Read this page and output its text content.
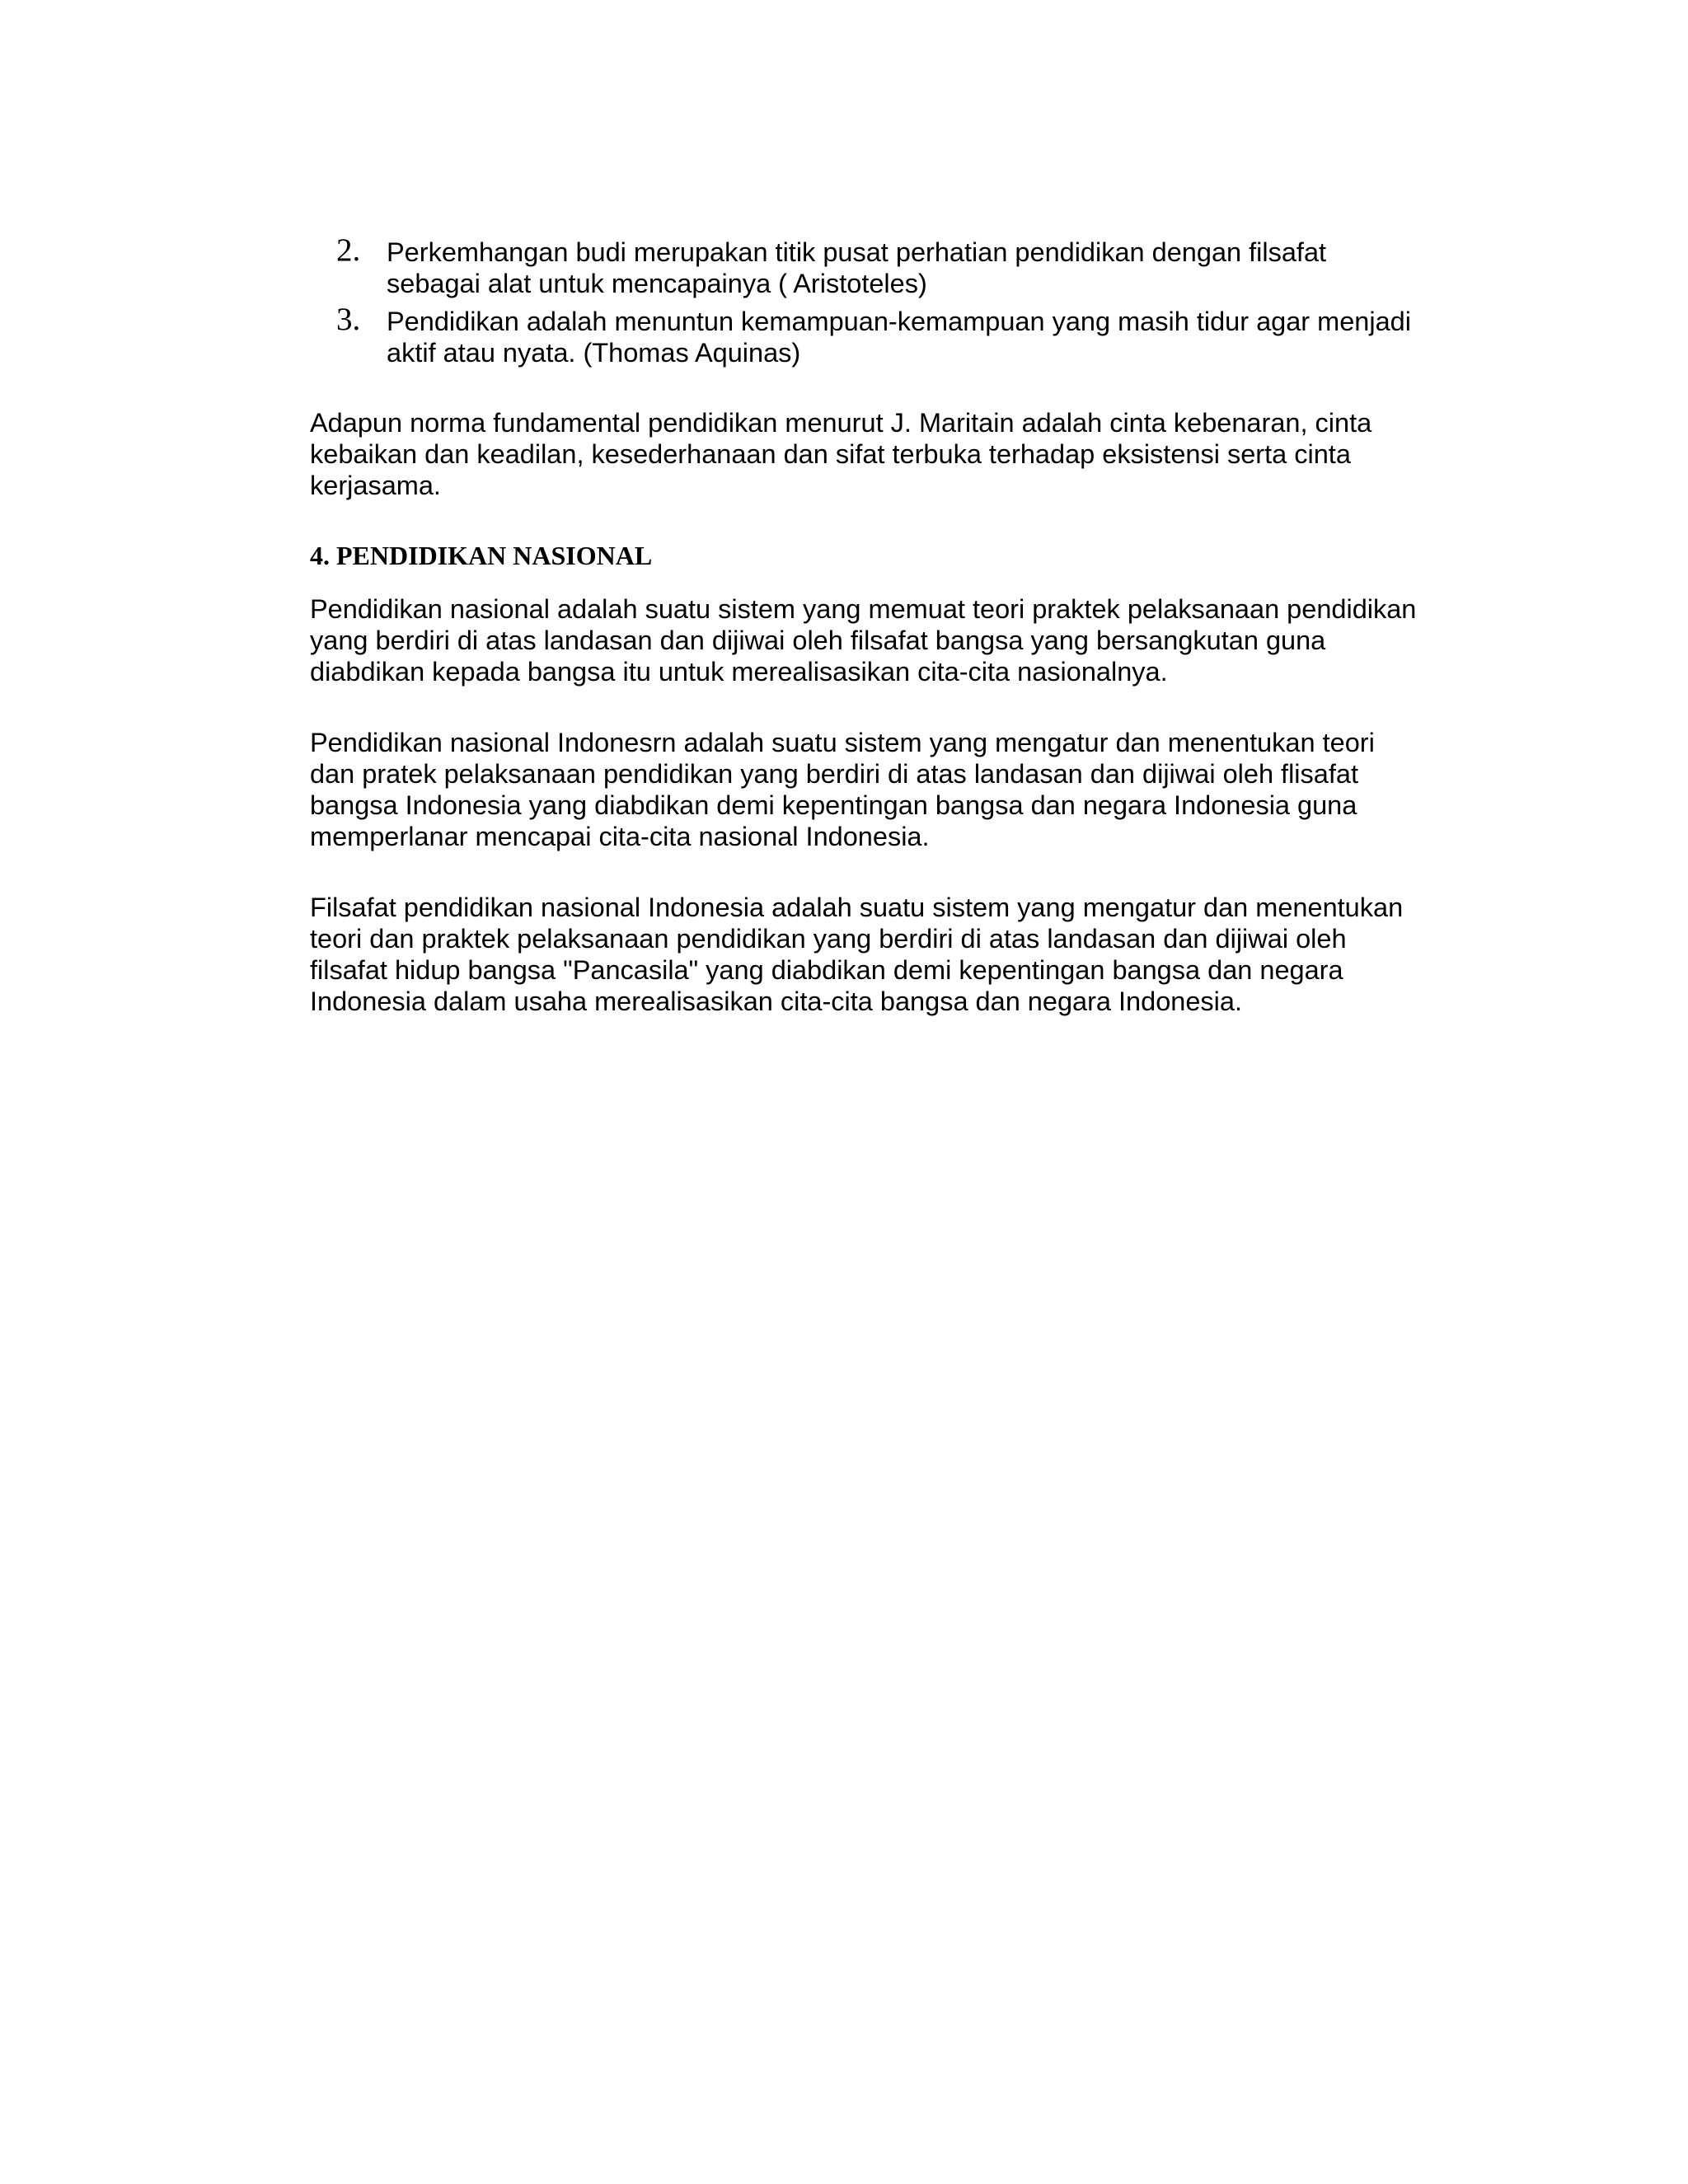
2. Perkemhangan budi merupakan titik pusat perhatian pendidikan dengan filsafat
sebagai alat untuk mencapainya ( Aristoteles)
3. Pendidikan adalah menuntun kemampuan-kemampuan yang masih tidur agar menjadi
aktif atau nyata. (Thomas Aquinas)

Adapun norma fundamental pendidikan menurut J. Maritain adalah cinta kebenaran, cinta
kebaikan dan keadilan, kesederhanaan dan sifat terbuka terhadap eksistensi serta cinta
kerjasama.

4. PENDIDIKAN NASIONAL

Pendidikan nasional adalah suatu sistem yang memuat teori praktek pelaksanaan pendidikan
yang berdiri di atas landasan dan dijiwai oleh filsafat bangsa yang bersangkutan guna
diabdikan kepada bangsa itu untuk merealisasikan cita-cita nasionalnya.

Pendidikan nasional Indonesrn adalah suatu sistem yang mengatur dan menentukan teori
dan pratek pelaksanaan pendidikan yang berdiri di atas landasan dan dijiwai oleh flisafat
bangsa Indonesia yang diabdikan demi kepentingan bangsa dan negara Indonesia guna
memperlanar mencapai cita-cita nasional Indonesia.

Filsafat pendidikan nasional Indonesia adalah suatu sistem yang mengatur dan menentukan
teori dan praktek pelaksanaan pendidikan yang berdiri di atas landasan dan dijiwai oleh
filsafat hidup bangsa "Pancasila" yang diabdikan demi kepentingan bangsa dan negara
Indonesia dalam usaha merealisasikan cita-cita bangsa dan negara Indonesia.
